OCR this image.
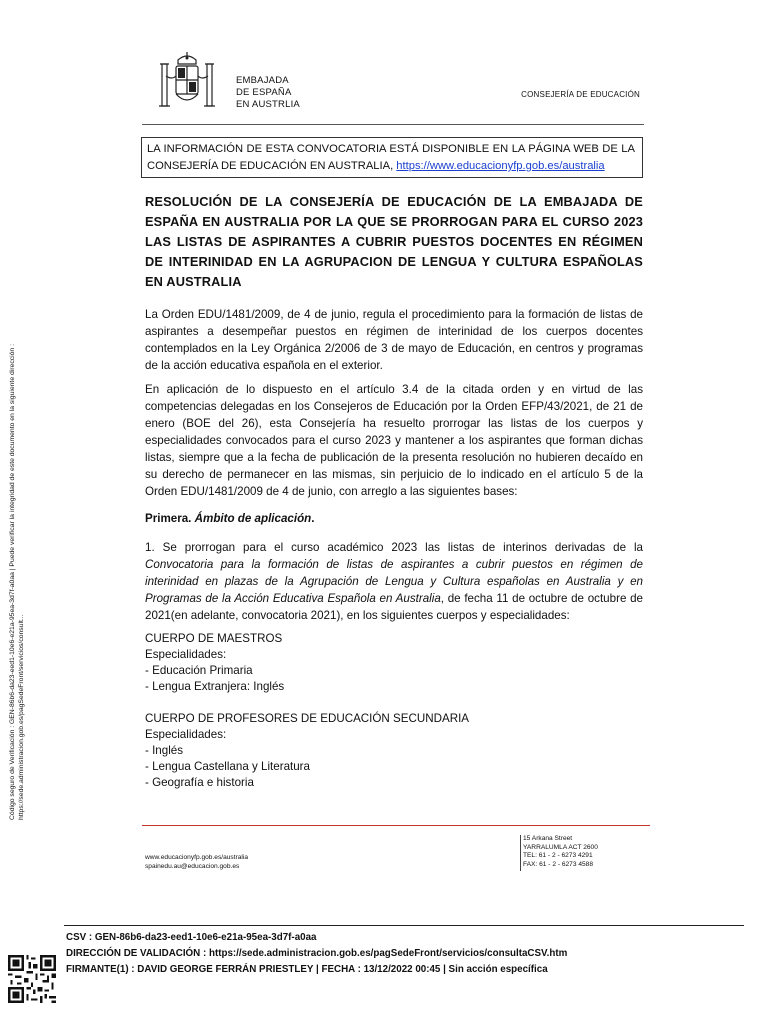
EMBAJADA
DE ESPAÑA
EN AUSTRLIA
CONSEJERÍA DE EDUCACIÓN
LA INFORMACIÓN DE ESTA CONVOCATORIA ESTÁ DISPONIBLE EN LA PÁGINA WEB DE LA CONSEJERÍA DE EDUCACIÓN EN AUSTRALIA, https://www.educacionyfp.gob.es/australia
RESOLUCIÓN DE LA CONSEJERÍA DE EDUCACIÓN DE LA EMBAJADA DE ESPAÑA EN AUSTRALIA POR LA QUE SE PRORROGAN PARA EL CURSO 2023 LAS LISTAS DE ASPIRANTES A CUBRIR PUESTOS DOCENTES EN RÉGIMEN DE INTERINIDAD EN LA AGRUPACION DE LENGUA Y CULTURA ESPAÑOLAS EN AUSTRALIA
La Orden EDU/1481/2009, de 4 de junio, regula el procedimiento para la formación de listas de aspirantes a desempeñar puestos en régimen de interinidad de los cuerpos docentes contemplados en la Ley Orgánica 2/2006 de 3 de mayo de Educación, en centros y programas de la acción educativa española en el exterior.
En aplicación de lo dispuesto en el artículo 3.4 de la citada orden y en virtud de las competencias delegadas en los Consejeros de Educación por la Orden EFP/43/2021, de 21 de enero (BOE del 26), esta Consejería ha resuelto prorrogar las listas de los cuerpos y especialidades convocados para el curso 2023 y mantener a los aspirantes que forman dichas listas, siempre que a la fecha de publicación de la presenta resolución no hubieren decaído en su derecho de permanecer en las mismas, sin perjuicio de lo indicado en el artículo 5 de la Orden EDU/1481/2009 de 4 de junio, con arreglo a las siguientes bases:
Primera. Ámbito de aplicación.
1. Se prorrogan para el curso académico 2023 las listas de interinos derivadas de la Convocatoria para la formación de listas de aspirantes a cubrir puestos en régimen de interinidad en plazas de la Agrupación de Lengua y Cultura españolas en Australia y en Programas de la Acción Educativa Española en Australia, de fecha 11 de octubre de octubre de 2021(en adelante, convocatoria 2021), en los siguientes cuerpos y especialidades:
CUERPO DE MAESTROS
Especialidades:
- Educación Primaria
- Lengua Extranjera: Inglés
CUERPO DE PROFESORES DE EDUCACIÓN SECUNDARIA
Especialidades:
- Inglés
- Lengua Castellana y Literatura
- Geografía e historia
www.educacionyfp.gob.es/australia
spainedu.au@educacion.gob.es
15 Arkana Street
YARRALUMLA ACT 2600
TEL: 61 - 2 - 6273 4291
FAX: 61 - 2 - 6273 4588
Código seguro de Verificación : GEN-86b6-da23-eed1-10e6-e21a-95ea-3d7f-a0aa | Puede verificar la integridad de este documento en la siguiente dirección : https://sede.administracion.gob.es/pagSedeFront/servicios/consult...
CSV : GEN-86b6-da23-eed1-10e6-e21a-95ea-3d7f-a0aa
DIRECCIÓN DE VALIDACIÓN : https://sede.administracion.gob.es/pagSedeFront/servicios/consultaCSV.htm
FIRMANTE(1) : DAVID GEORGE FERRÁN PRIESTLEY | FECHA : 13/12/2022 00:45 | Sin acción específica
